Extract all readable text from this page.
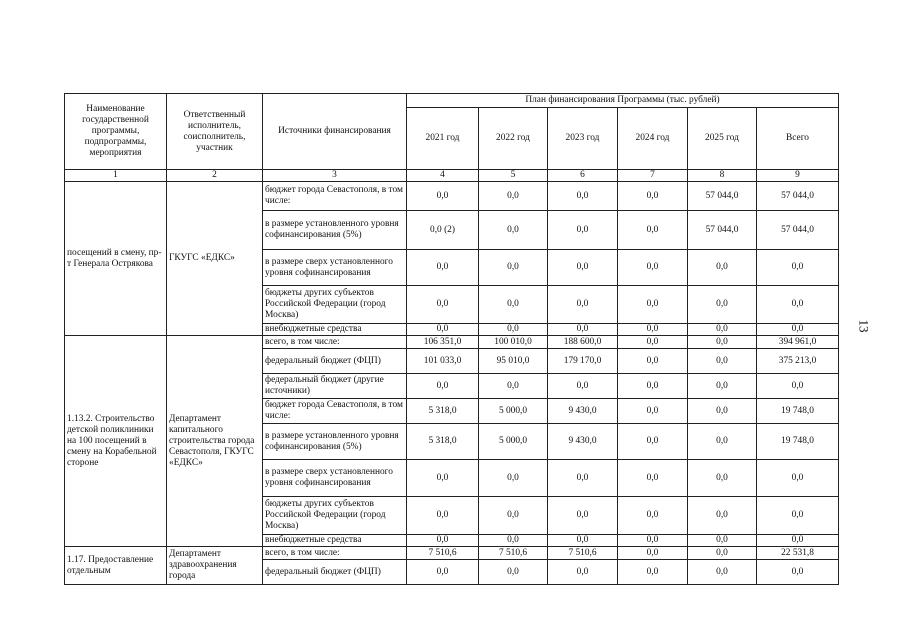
13
Наименование государственной программы, подпрограммы, мероприятия	Ответственный исполнитель, соисполнитель, участник	Источники финансирования	План финансирования Программы (тыс. рублей)					
			2021 год	2022 год	2023 год	2024 год	2025 год	Всего
1	2	3	4	5	6	7	8	9
посещений в смену, пр-т Генерала Острякова	ГКУГС «ЕДКС»	бюджет города Севастополя, в том числе:	0,0	0,0	0,0	0,0	57 044,0	57 044,0
		в размере установленного уровня софинансирования (5%)	0,0 (2)	0,0	0,0	0,0	57 044,0	57 044,0
		в размере сверх установленного уровня софинансирования	0,0	0,0	0,0	0,0	0,0	0,0
		бюджеты других субъектов Российской Федерации (город Москва)	0,0	0,0	0,0	0,0	0,0	0,0
		внебюджетные средства	0,0	0,0	0,0	0,0	0,0	0,0
1.13.2. Строительство детской поликлиники на 100 посещений в смену на Корабельной стороне	Департамент капитального строительства города Севастополя, ГКУГС «ЕДКС»	всего, в том числе:	106 351,0	100 010,0	188 600,0	0,0	0,0	394 961,0
		федеральный бюджет (ФЦП)	101 033,0	95 010,0	179 170,0	0,0	0,0	375 213,0
		федеральный бюджет (другие источники)	0,0	0,0	0,0	0,0	0,0	0,0
		бюджет города Севастополя, в том числе:	5 318,0	5 000,0	9 430,0	0,0	0,0	19 748,0
		в размере установленного уровня софинансирования (5%)	5 318,0	5 000,0	9 430,0	0,0	0,0	19 748,0
		в размере сверх установленного уровня софинансирования	0,0	0,0	0,0	0,0	0,0	0,0
		бюджеты других субъектов Российской Федерации (город Москва)	0,0	0,0	0,0	0,0	0,0	0,0
		внебюджетные средства	0,0	0,0	0,0	0,0	0,0	0,0
1.17. Предоставление отдельным	Департамент здравоохранения города	всего, в том числе:	7 510,6	7 510,6	7 510,6	0,0	0,0	22 531,8
		федеральный бюджет (ФЦП)	0,0	0,0	0,0	0,0	0,0	0,0
